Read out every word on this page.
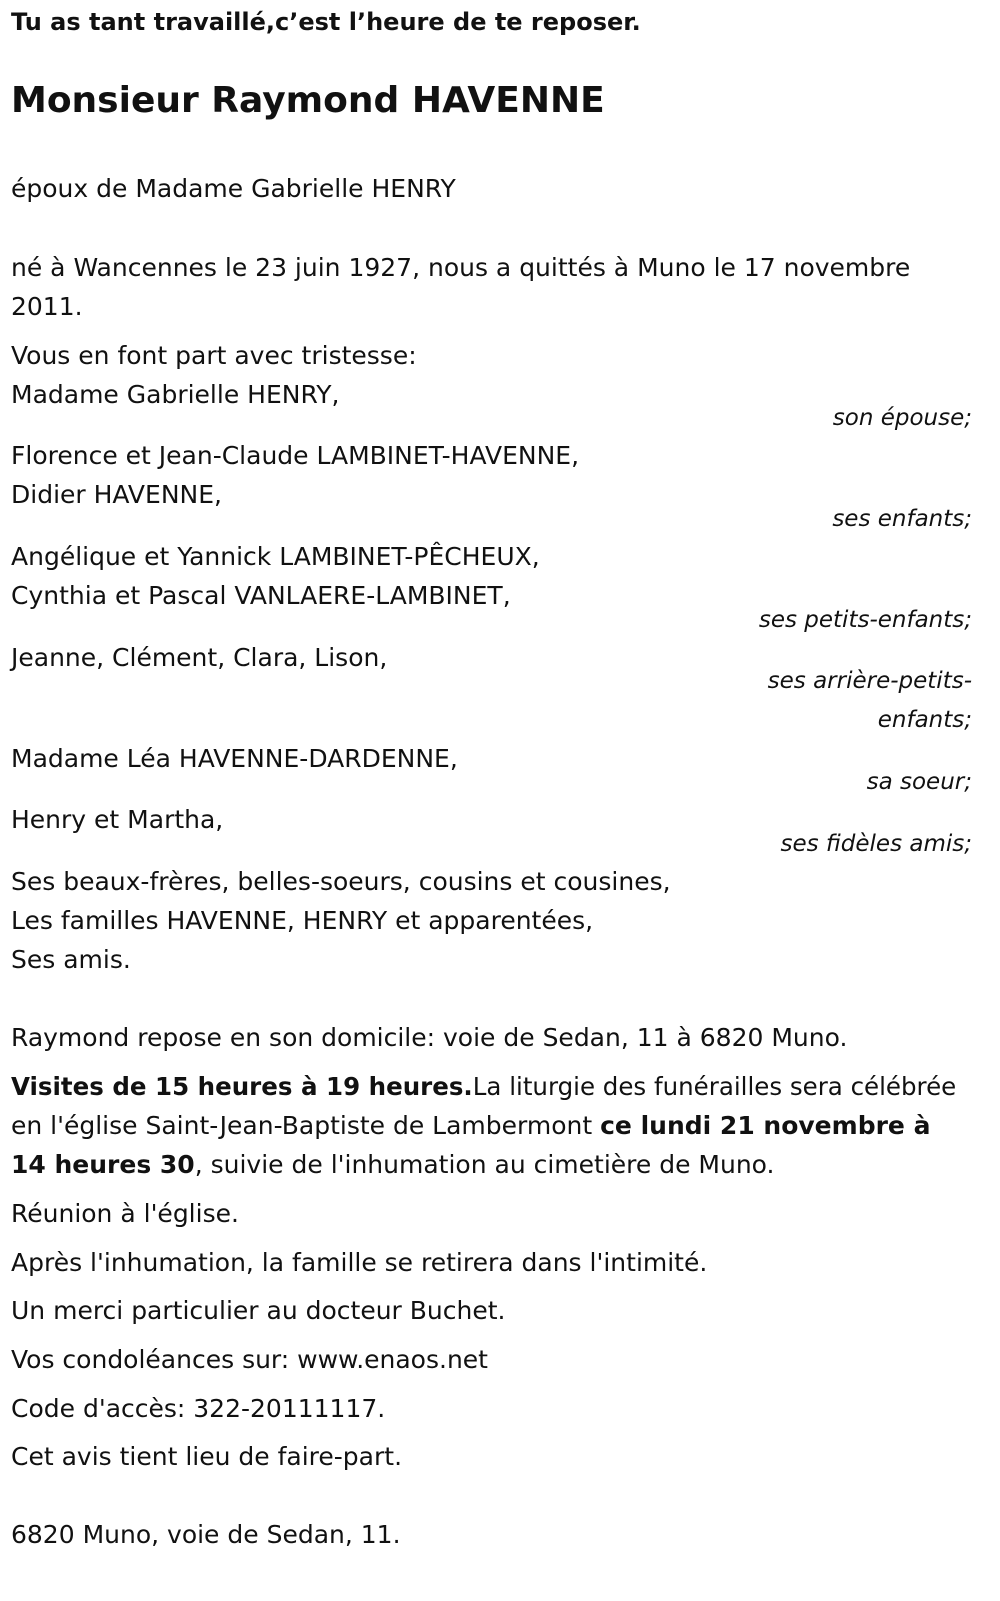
Tu as tant travaillé,c’est l’heure de te reposer.

Monsieur Raymond HAVENNE

époux de Madame Gabrielle HENRY

né à Wancennes le 23 juin 1927, nous a quittés à Muno le 17 novembre

2011.

Vous en font part avec tristesse:

Madame Gabrielle HENRY,

son épouse;

Florence et Jean-Claude LAMBINET-HAVENNE,

Didier HAVENNE,

ses enfants;

Angélique et Yannick LAMBINET-PÊCHEUX,

Cynthia et Pascal VANLAERE-LAMBINET,

ses petits-enfants;

Jeanne, Clément, Clara, Lison,

ses arrière-petits-

enfants;

Madame Léa HAVENNE-DARDENNE,

sa soeur;

Henry et Martha,

ses fidèles amis;

Ses beaux-frères, belles-soeurs, cousins et cousines,

Les familles HAVENNE, HENRY et apparentées,

Ses amis.

Raymond repose en son domicile: voie de Sedan, 11 à 6820 Muno.

Visites de 15 heures à 19 heures.La liturgie des funérailles sera célébrée

en l'église Saint-Jean-Baptiste de Lambermont ce lundi 21 novembre à

14 heures 30, suivie de l'inhumation au cimetière de Muno.

Réunion à l'église.

Après l'inhumation, la famille se retirera dans l'intimité.

Un merci particulier au docteur Buchet.

Vos condoléances sur: www.enaos.net

Code d'accès: 322-20111117.

Cet avis tient lieu de faire-part.

6820 Muno, voie de Sedan, 11.
